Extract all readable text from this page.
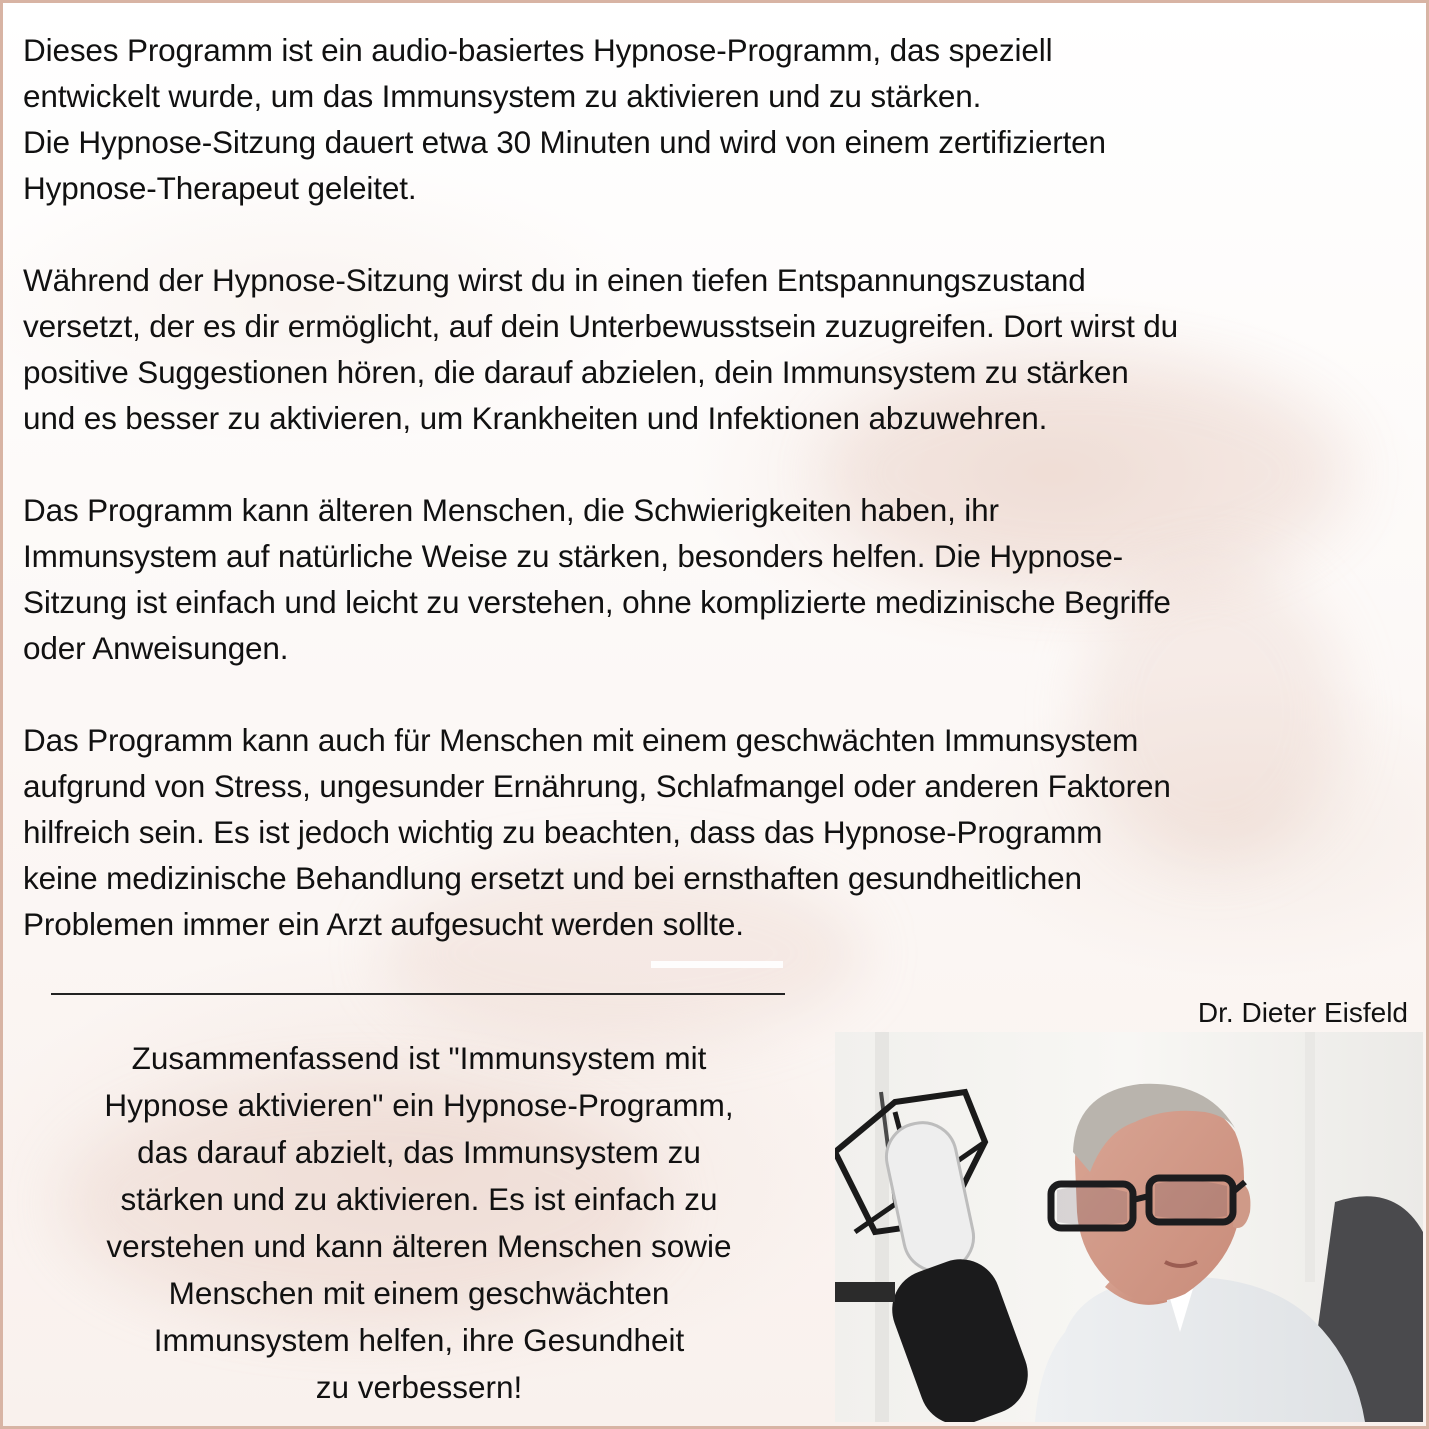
Dieses Programm ist ein audio-basiertes Hypnose-Programm, das speziell
entwickelt wurde, um das Immunsystem zu aktivieren und zu stärken.
Die Hypnose-Sitzung dauert etwa 30 Minuten und wird von einem zertifizierten
Hypnose-Therapeut geleitet.
Während der Hypnose-Sitzung wirst du in einen tiefen Entspannungszustand
versetzt, der es dir ermöglicht, auf dein Unterbewusstsein zuzugreifen. Dort wirst du
positive Suggestionen hören, die darauf abzielen, dein Immunsystem zu stärken
und es besser zu aktivieren, um Krankheiten und Infektionen abzuwehren.
Das Programm kann älteren Menschen, die Schwierigkeiten haben, ihr
Immunsystem auf natürliche Weise zu stärken, besonders helfen. Die Hypnose-
Sitzung ist einfach und leicht zu verstehen, ohne komplizierte medizinische Begriffe
oder Anweisungen.
Das Programm kann auch für Menschen mit einem geschwächten Immunsystem
aufgrund von Stress, ungesunder Ernährung, Schlafmangel oder anderen Faktoren
hilfreich sein. Es ist jedoch wichtig zu beachten, dass das Hypnose-Programm
keine medizinische Behandlung ersetzt und bei ernsthaften gesundheitlichen
Problemen immer ein Arzt aufgesucht werden sollte.
Zusammenfassend ist "Immunsystem mit
Hypnose aktivieren" ein Hypnose-Programm,
das darauf abzielt, das Immunsystem zu
stärken und zu aktivieren. Es ist einfach zu
verstehen und kann älteren Menschen sowie
Menschen mit einem geschwächten
Immunsystem helfen, ihre Gesundheit
zu verbessern!
Dr. Dieter Eisfeld
